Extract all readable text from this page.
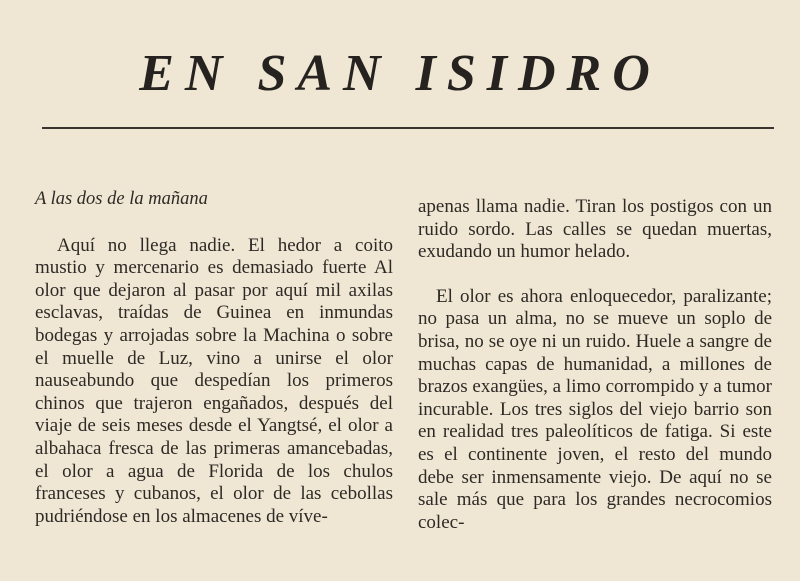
EN SAN ISIDRO

A las dos de la mañana

Aquí no llega nadie. El hedor a coito mustio y mercenario es demasiado fuerte Al olor que dejaron al pasar por aquí mil axilas esclavas, traídas de Guinea en inmundas bodegas y arrojadas sobre la Machina o sobre el muelle de Luz, vino a unirse el olor nauseabundo que despedían los primeros chinos que trajeron engañados, después del viaje de seis meses desde el Yangtsé, el olor a albahaca fresca de las primeras amancebadas, el olor a agua de Florida de los chulos franceses y cubanos, el olor de las cebollas pudriéndose en los almacenes de víve-

apenas llama nadie. Tiran los postigos con un ruido sordo. Las calles se quedan muertas, exudando un humor helado.

El olor es ahora enloquecedor, paralizante; no pasa un alma, no se mueve un soplo de brisa, no se oye ni un ruido. Huele a sangre de muchas capas de humanidad, a millones de brazos exangües, a limo corrompido y a tumor incurable. Los tres siglos del viejo barrio son en realidad tres paleolíticos de fatiga. Si este es el continente joven, el resto del mundo debe ser inmensamente viejo. De aquí no se sale más que para los grandes necrocomios colec-
